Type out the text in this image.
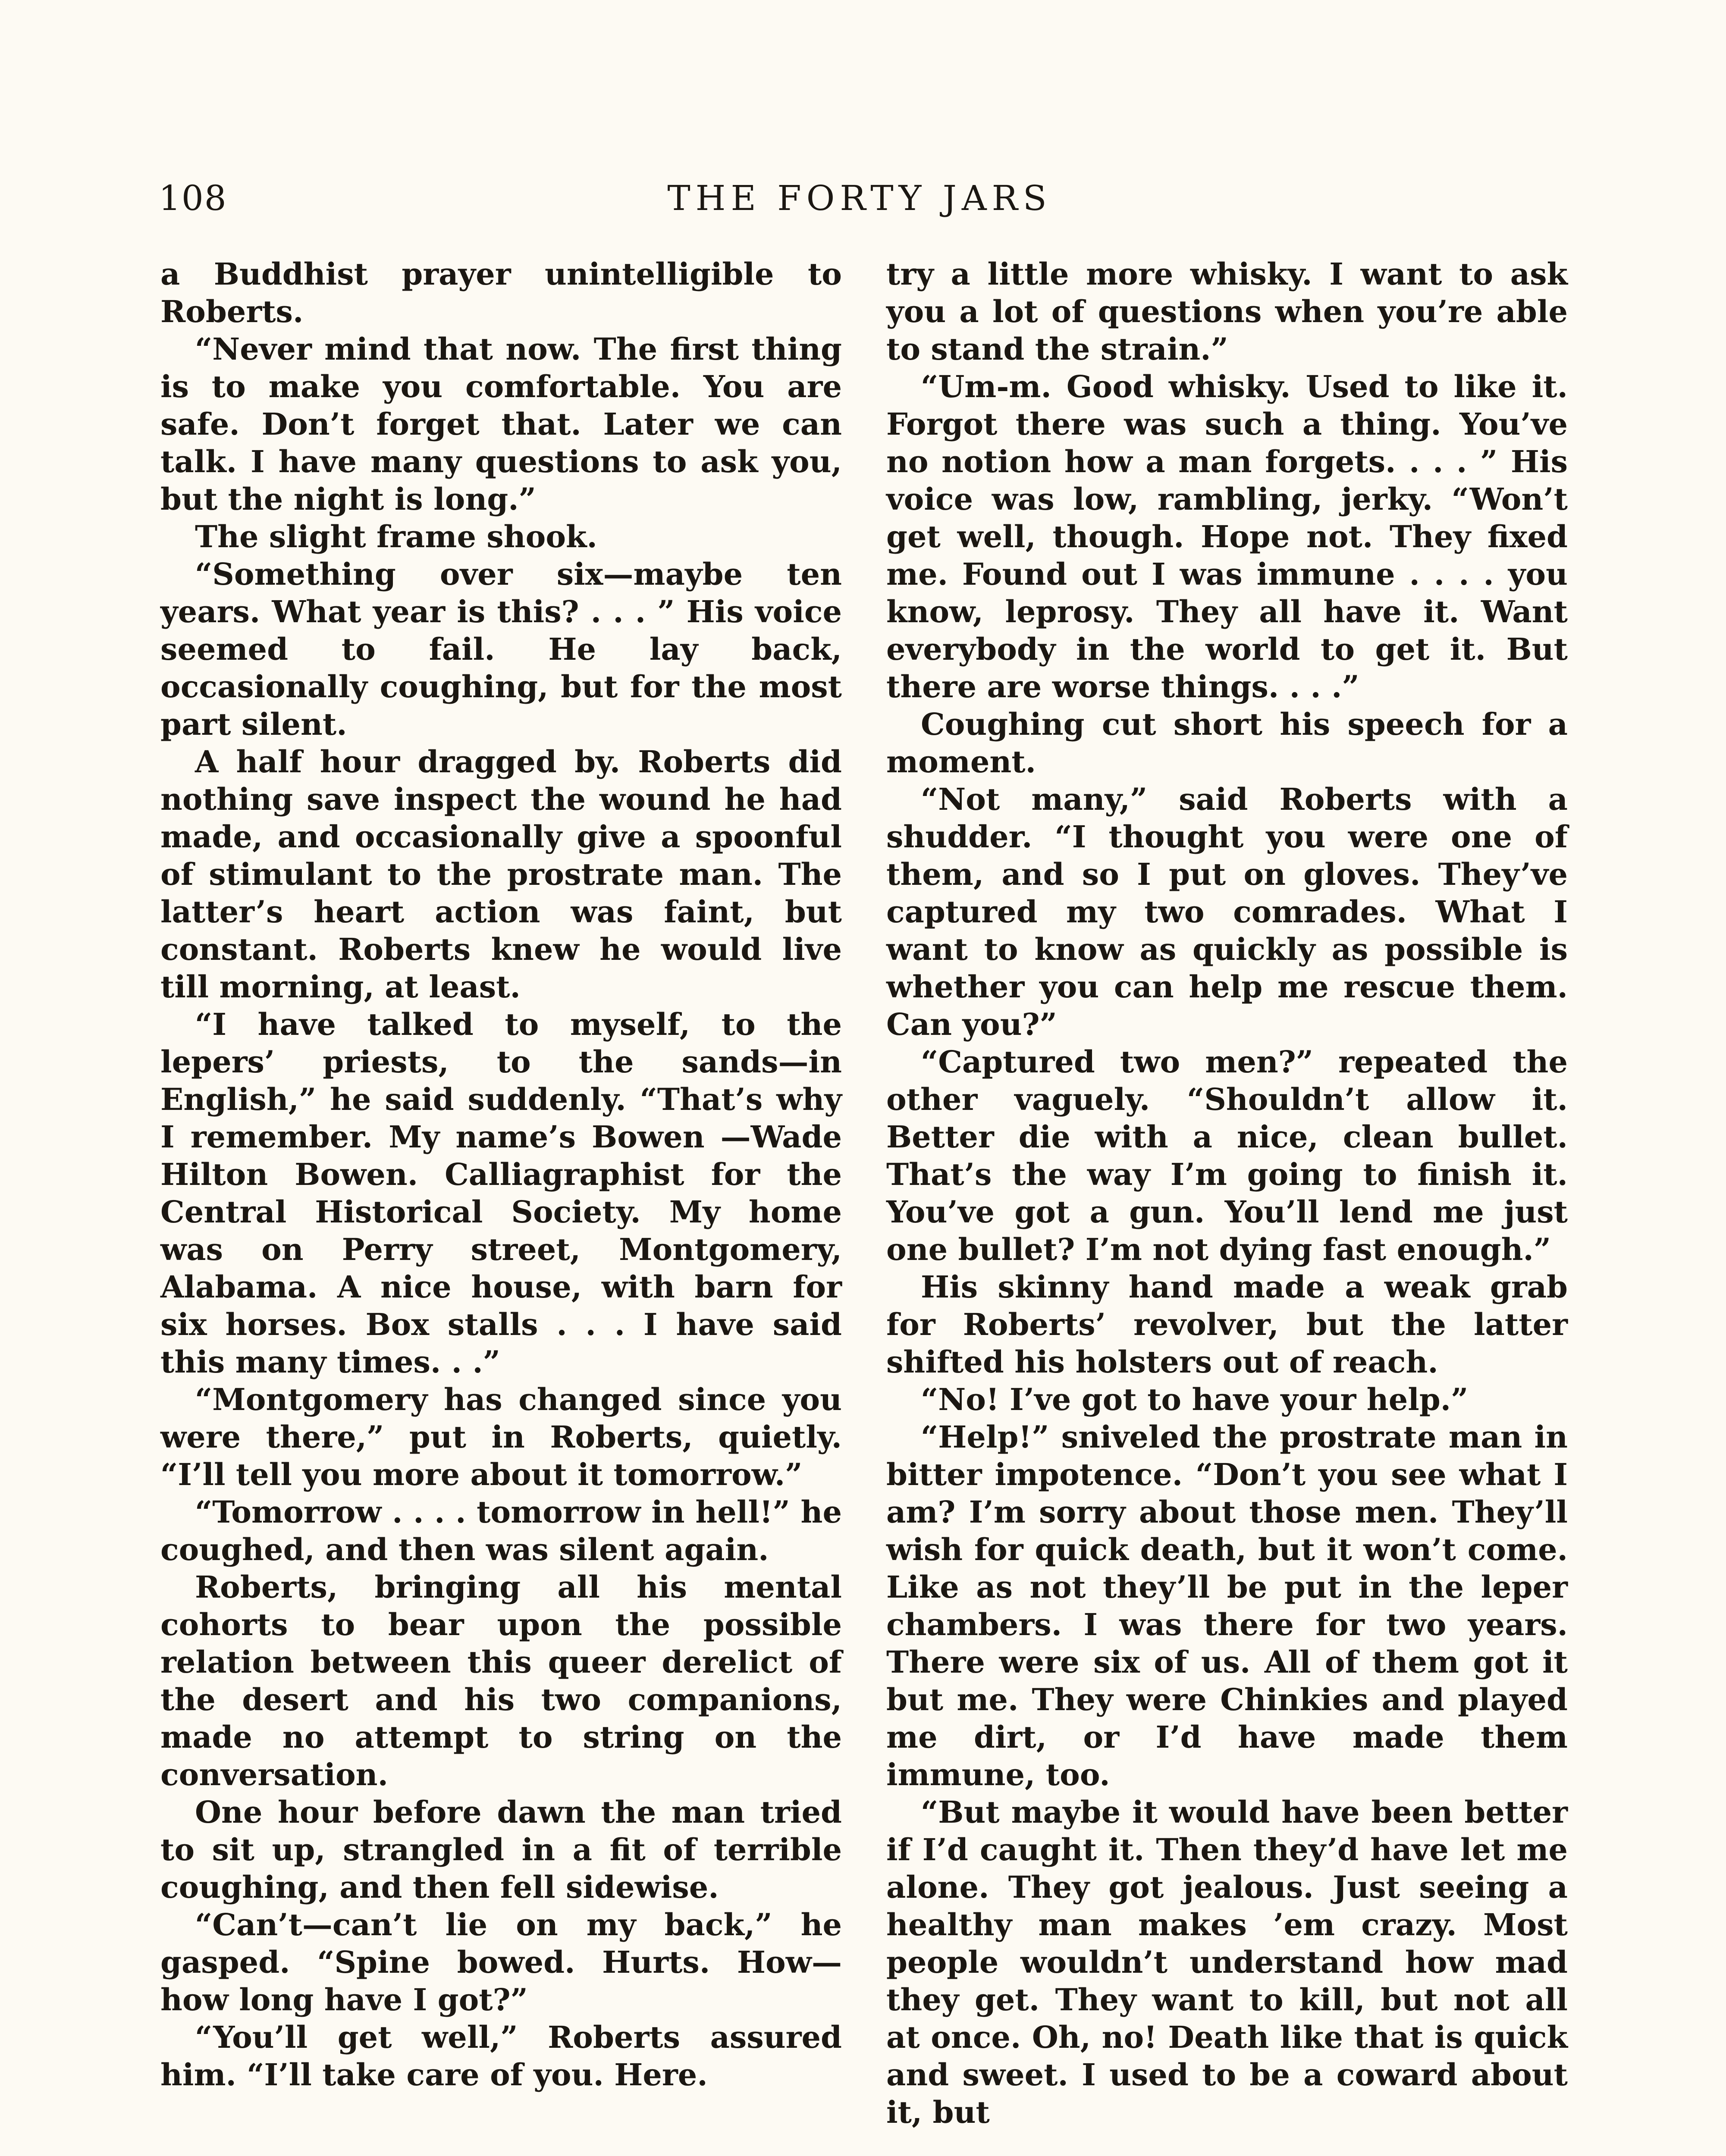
108	THE FORTY JARS

a Buddhist prayer unintelligible to Roberts.

“Never mind that now. The first thing is to make you comfortable. You are safe. Don’t forget that. Later we can talk. I have many questions to ask you, but the night is long.”

The slight frame shook.

“Something over six—maybe ten years. What year is this? . . . ” His voice seemed to fail. He lay back, occasionally coughing, but for the most part silent.

A half hour dragged by. Roberts did nothing save inspect the wound he had made, and occasionally give a spoonful of stimulant to the prostrate man. The latter’s heart action was faint, but constant. Roberts knew he would live till morning, at least.

“I have talked to myself, to the lepers’ priests, to the sands—in English,” he said suddenly. “That’s why I remember. My name’s Bowen —Wade Hilton Bowen. Calliagraphist for the Central Historical Society. My home was on Perry street, Montgomery, Alabama. A nice house, with barn for six horses. Box stalls . . . I have said this many times. . .”

“Montgomery has changed since you were there,” put in Roberts, quietly. “I’ll tell you more about it tomorrow.”

“Tomorrow . . . . tomorrow in hell!” he coughed, and then was silent again.

Roberts, bringing all his mental cohorts to bear upon the possible relation between this queer derelict of the desert and his two companions, made no attempt to string on the conversation.

One hour before dawn the man tried to sit up, strangled in a fit of terrible coughing, and then fell sidewise.

“Can’t—can’t lie on my back,” he gasped. “Spine bowed. Hurts. How—how long have I got?”

“You’ll get well,” Roberts assured him. “I’ll take care of you. Here.

try a little more whisky. I want to ask you a lot of questions when you’re able to stand the strain.”

“Um-m. Good whisky. Used to like it. Forgot there was such a thing. You’ve no notion how a man forgets. . . . ” His voice was low, rambling, jerky. “Won’t get well, though. Hope not. They fixed me. Found out I was immune . . . . you know, leprosy. They all have it. Want everybody in the world to get it. But there are worse things. . . .”

Coughing cut short his speech for a moment.

“Not many,” said Roberts with a shudder. “I thought you were one of them, and so I put on gloves. They’ve captured my two comrades. What I want to know as quickly as possible is whether you can help me rescue them. Can you?”

“Captured two men?” repeated the other vaguely. “Shouldn’t allow it. Better die with a nice, clean bullet. That’s the way I’m going to finish it. You’ve got a gun. You’ll lend me just one bullet? I’m not dying fast enough.”

His skinny hand made a weak grab for Roberts’ revolver, but the latter shifted his holsters out of reach.

“No! I’ve got to have your help.”

“Help!” sniveled the prostrate man in bitter impotence. “Don’t you see what I am? I’m sorry about those men. They’ll wish for quick death, but it won’t come. Like as not they’ll be put in the leper chambers. I was there for two years. There were six of us. All of them got it but me. They were Chinkies and played me dirt, or I’d have made them immune, too.

“But maybe it would have been better if I’d caught it. Then they’d have let me alone. They got jealous. Just seeing a healthy man makes ’em crazy. Most people wouldn’t understand how mad they get. They want to kill, but not all at once. Oh, no! Death like that is quick and sweet. I used to be a coward about it, but
